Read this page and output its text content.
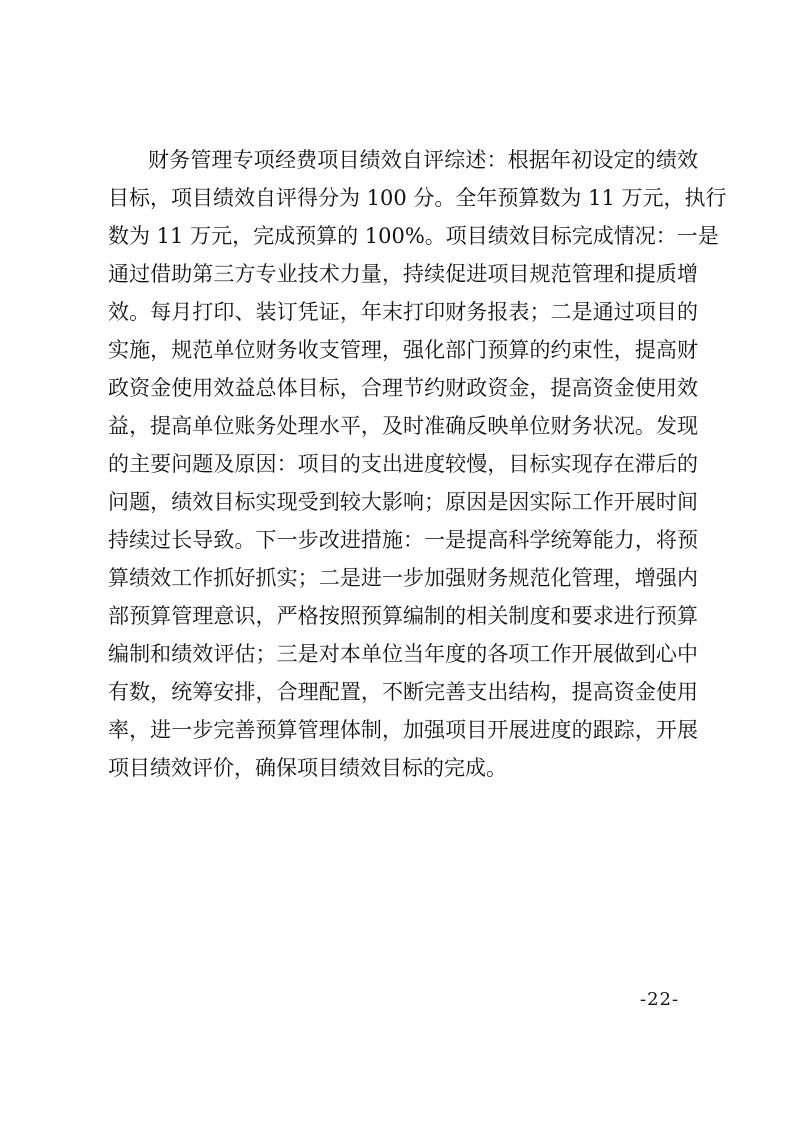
财务管理专项经费项目绩效自评综述：根据年初设定的绩效
目标，项目绩效自评得分为 100 分。全年预算数为 11 万元，执行
数为 11 万元，完成预算的 100%。项目绩效目标完成情况：一是
通过借助第三方专业技术力量，持续促进项目规范管理和提质增
效。每月打印、装订凭证，年末打印财务报表；二是通过项目的
实施，规范单位财务收支管理，强化部门预算的约束性，提高财
政资金使用效益总体目标，合理节约财政资金，提高资金使用效
益，提高单位账务处理水平，及时准确反映单位财务状况。发现
的主要问题及原因：项目的支出进度较慢，目标实现存在滞后的
问题，绩效目标实现受到较大影响；原因是因实际工作开展时间
持续过长导致。下一步改进措施：一是提高科学统筹能力，将预
算绩效工作抓好抓实；二是进一步加强财务规范化管理，增强内
部预算管理意识，严格按照预算编制的相关制度和要求进行预算
编制和绩效评估；三是对本单位当年度的各项工作开展做到心中
有数，统筹安排，合理配置，不断完善支出结构，提高资金使用
率，进一步完善预算管理体制，加强项目开展进度的跟踪，开展
项目绩效评价，确保项目绩效目标的完成。
-22-
